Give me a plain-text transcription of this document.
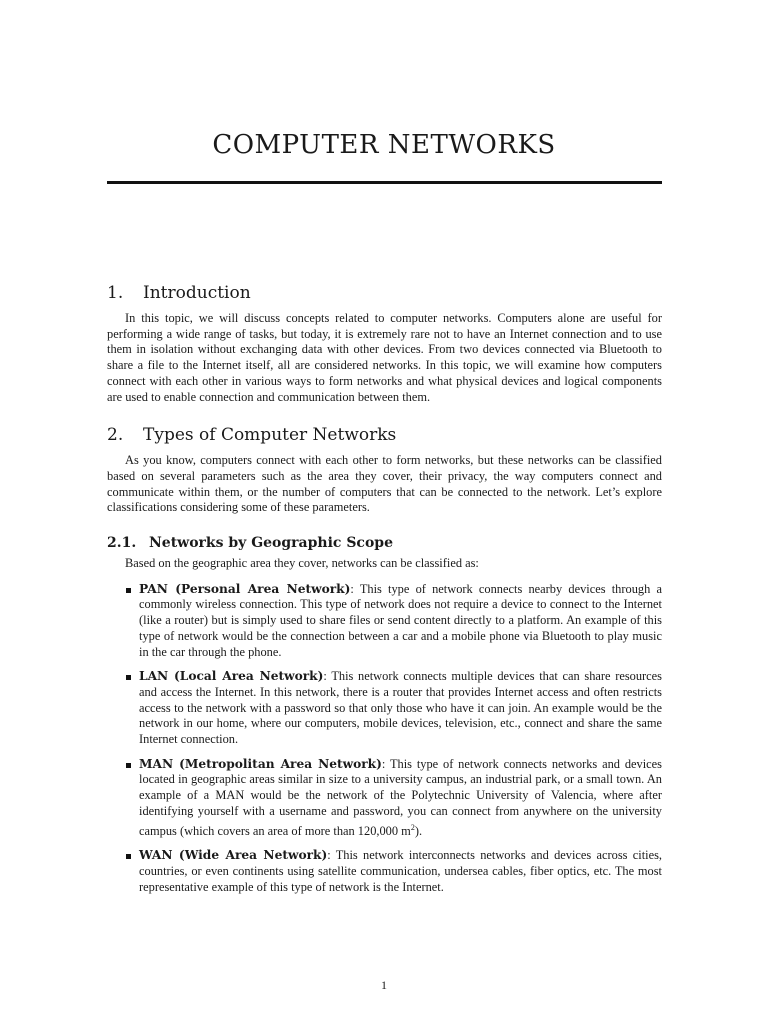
COMPUTER NETWORKS
1.	Introduction

In this topic, we will discuss concepts related to computer networks. Computers alone are useful for performing a wide range of tasks, but today, it is extremely rare not to have an Internet connection and to use them in isolation without exchanging data with other devices. From two devices connected via Bluetooth to share a file to the Internet itself, all are considered networks. In this topic, we will examine how computers connect with each other in various ways to form networks and what physical devices and logical components are used to enable connection and communication between them.

2.	Types of Computer Networks

As you know, computers connect with each other to form networks, but these networks can be classified based on several parameters such as the area they cover, their privacy, the way computers connect and communicate within them, or the number of computers that can be connected to the network. Let’s explore classifications considering some of these parameters.

2.1. Networks by Geographic Scope

Based on the geographic area they cover, networks can be classified as:

PAN (Personal Area Network): This type of network connects nearby devices through a commonly wireless connection. This type of network does not require a device to connect to the Internet (like a router) but is simply used to share files or send content directly to a platform. An example of this type of network would be the connection between a car and a mobile phone via Bluetooth to play music in the car through the phone.
LAN (Local Area Network): This network connects multiple devices that can share resources and access the Internet. In this network, there is a router that provides Internet access and often restricts access to the network with a password so that only those who have it can join. An example would be the network in our home, where our computers, mobile devices, television, etc., connect and share the same Internet connection.
MAN (Metropolitan Area Network): This type of network connects networks and devices located in geographic areas similar in size to a university campus, an industrial park, or a small town. An example of a MAN would be the network of the Polytechnic University of Valencia, where after identifying yourself with a username and password, you can connect from anywhere on the university campus (which covers an area of more than 120,000 $m^2$).
WAN (Wide Area Network): This network interconnects networks and devices across cities, countries, or even continents using satellite communication, undersea cables, fiber optics, etc. The most representative example of this type of network is the Internet.
1
